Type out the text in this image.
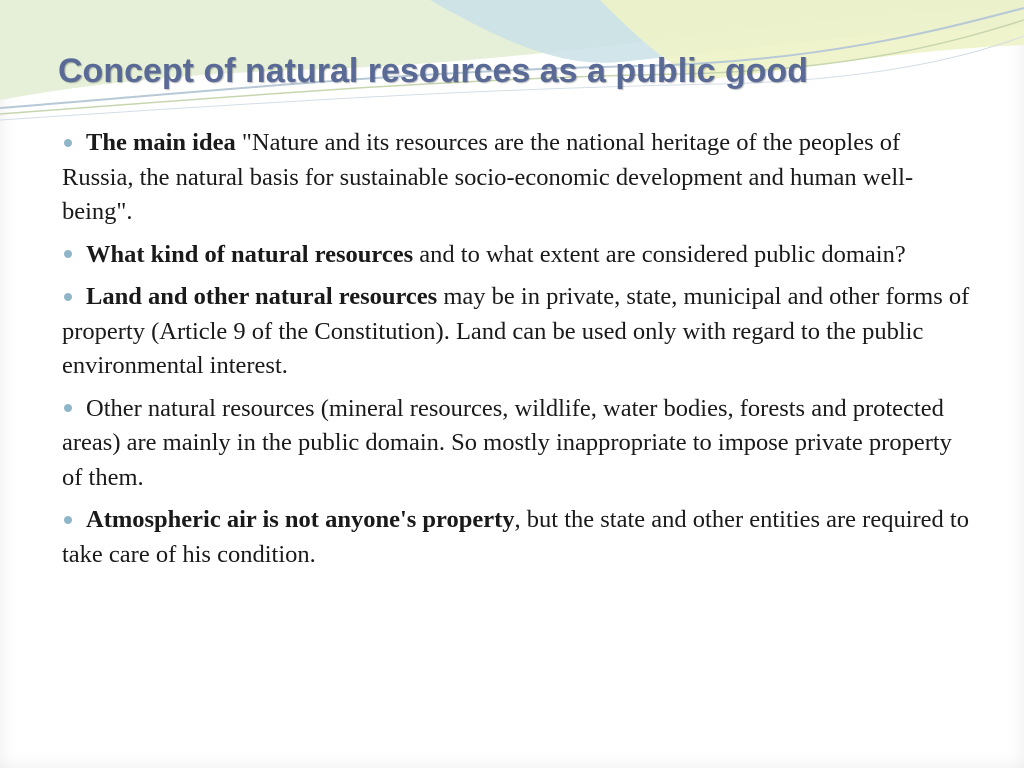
Concept of natural resources as a public good

The main idea "Nature and its resources are the national heritage of the peoples of Russia, the natural basis for sustainable socio-economic development and human well-being".

What kind of natural resources and to what extent are considered public domain?

Land and other natural resources may be in private, state, municipal and other forms of property (Article 9 of the Constitution). Land can be used only with regard to the public environmental interest.

Other natural resources (mineral resources, wildlife, water bodies, forests and protected areas) are mainly in the public domain. So mostly inappropriate to impose private property of them.

Atmospheric air is not anyone's property, but the state and other entities are required to take care of his condition.
